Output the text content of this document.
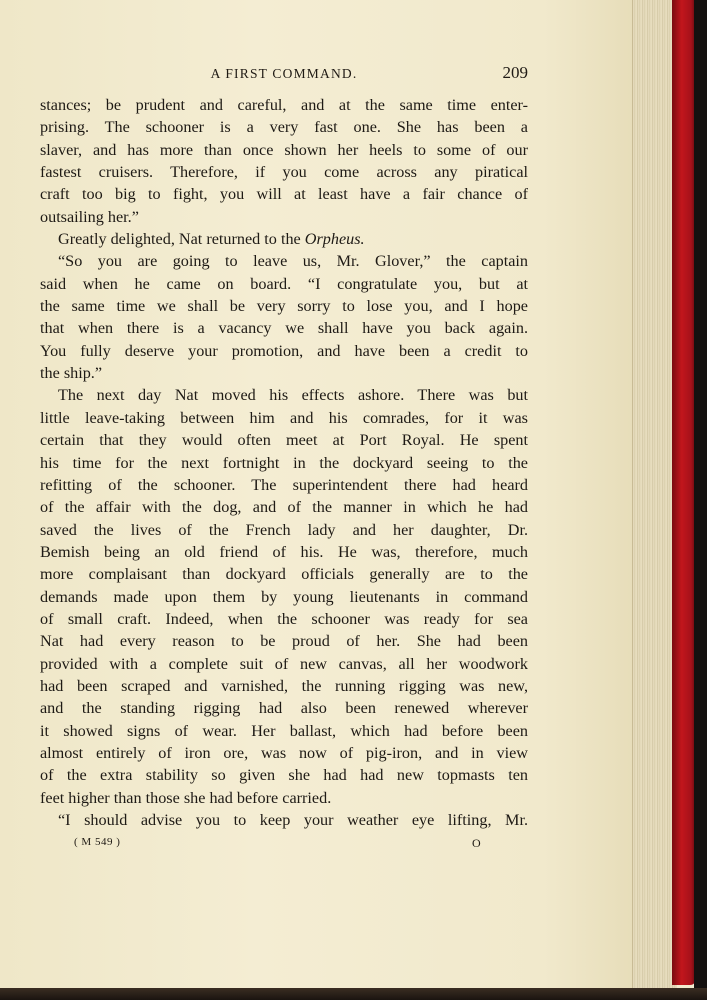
A FIRST COMMAND.	209
stances; be prudent and careful, and at the same time enter-
prising. The schooner is a very fast one. She has been a
slaver, and has more than once shown her heels to some of our
fastest cruisers. Therefore, if you come across any piratical
craft too big to fight, you will at least have a fair chance of
outsailing her.”
Greatly delighted, Nat returned to the Orpheus.
“So you are going to leave us, Mr. Glover,” the captain
said when he came on board. “I congratulate you, but at
the same time we shall be very sorry to lose you, and I hope
that when there is a vacancy we shall have you back again.
You fully deserve your promotion, and have been a credit to
the ship.”
The next day Nat moved his effects ashore. There was but
little leave-taking between him and his comrades, for it was
certain that they would often meet at Port Royal. He spent
his time for the next fortnight in the dockyard seeing to the
refitting of the schooner. The superintendent there had heard
of the affair with the dog, and of the manner in which he had
saved the lives of the French lady and her daughter, Dr.
Bemish being an old friend of his. He was, therefore, much
more complaisant than dockyard officials generally are to the
demands made upon them by young lieutenants in command
of small craft. Indeed, when the schooner was ready for sea
Nat had every reason to be proud of her. She had been
provided with a complete suit of new canvas, all her woodwork
had been scraped and varnished, the running rigging was new,
and the standing rigging had also been renewed wherever
it showed signs of wear. Her ballast, which had before been
almost entirely of iron ore, was now of pig-iron, and in view
of the extra stability so given she had had new topmasts ten
feet higher than those she had before carried.
“I should advise you to keep your weather eye lifting, Mr.
( M 549 )	O
